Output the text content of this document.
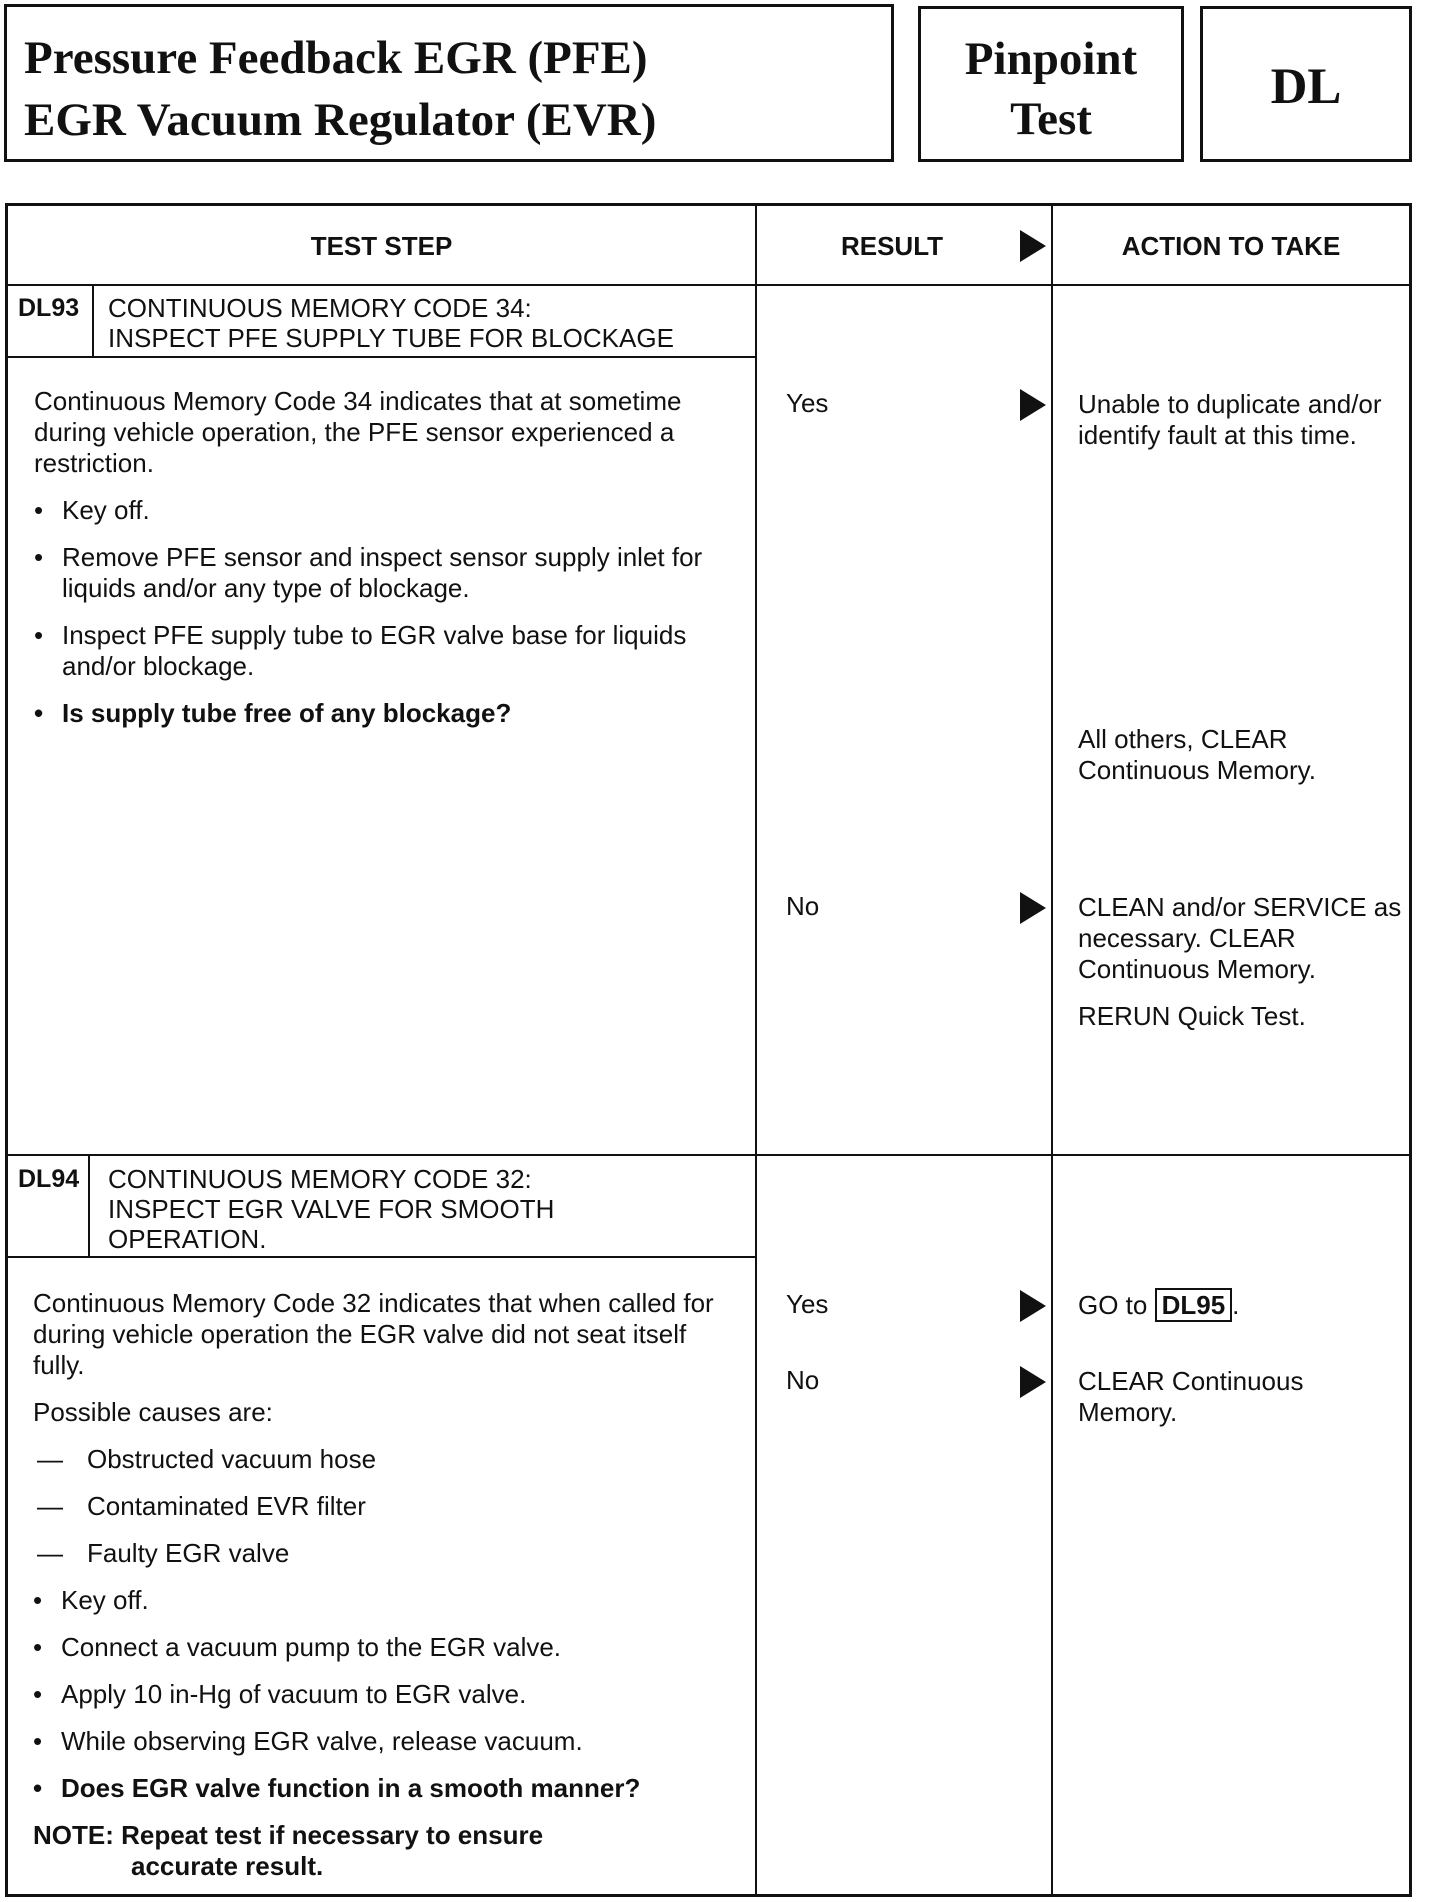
Pressure Feedback EGR (PFE)
EGR Vacuum Regulator (EVR)
Pinpoint
Test
DL
TEST STEP	RESULT	ACTION TO TAKE
DL93 CONTINUOUS MEMORY CODE 34:
INSPECT PFE SUPPLY TUBE FOR BLOCKAGE

Continuous Memory Code 34 indicates that at sometime during vehicle operation, the PFE sensor experienced a restriction.

• Key off.
• Remove PFE sensor and inspect sensor supply inlet for liquids and/or any type of blockage.
• Inspect PFE supply tube to EGR valve base for liquids and/or blockage.
• Is supply tube free of any blockage?
Yes	Unable to duplicate and/or identify fault at this time.

All others, CLEAR Continuous Memory.

No	CLEAN and/or SERVICE as necessary. CLEAR Continuous Memory.

RERUN Quick Test.

DL94 CONTINUOUS MEMORY CODE 32:
INSPECT EGR VALVE FOR SMOOTH
OPERATION.

Continuous Memory Code 32 indicates that when called for during vehicle operation the EGR valve did not seat itself fully.

Possible causes are:

— Obstructed vacuum hose
— Contaminated EVR filter
— Faulty EGR valve
• Key off.
• Connect a vacuum pump to the EGR valve.
• Apply 10 in-Hg of vacuum to EGR valve.
• While observing EGR valve, release vacuum.
• Does EGR valve function in a smooth manner?

NOTE: Repeat test if necessary to ensure
accurate result.

Yes	GO to DL95 .

No	CLEAR Continuous Memory.
